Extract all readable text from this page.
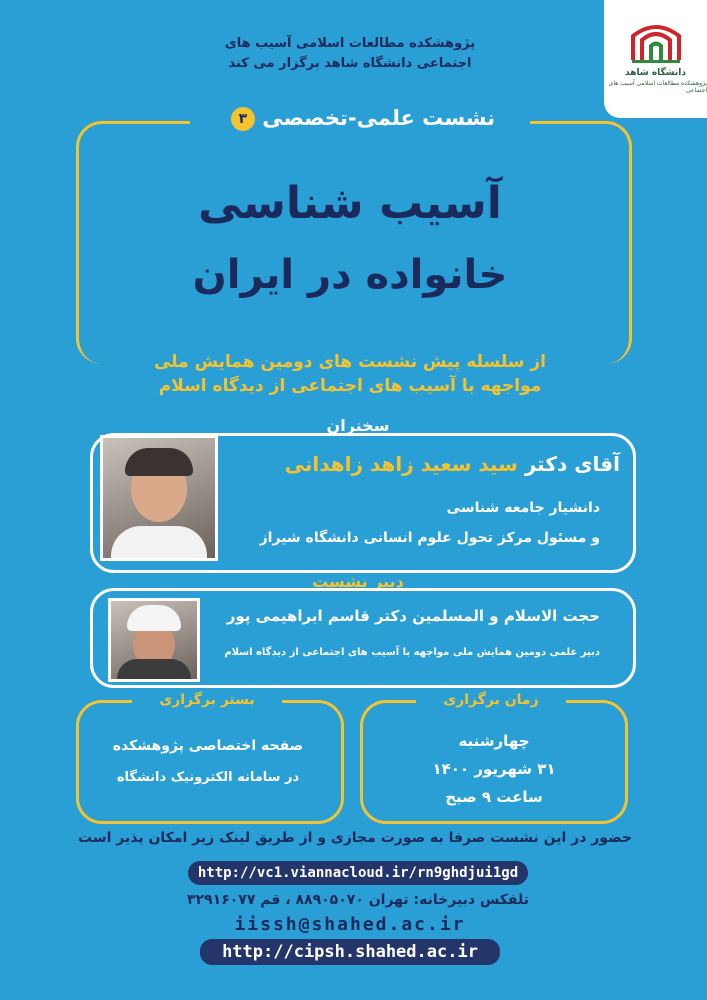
دانشگاه شاهد
پژوهشکده مطالعات اسلامی آسیب های اجتماعی
پژوهشکده مطالعات اسلامی آسیب های
اجتماعی دانشگاه شاهد برگزار می کند
نشست علمی-تخصصی ۳
آسیب شناسی
خانواده در ایران
از سلسله پیش نشست های دومین همایش ملی
مواجهه با آسیب های اجتماعی از دیدگاه اسلام
سخنران
آقای دکتر سید سعید زاهد زاهدانی
دانشیار جامعه شناسی
و مسئول مرکز تحول علوم انسانی دانشگاه شیراز
دبیر نشست
حجت الاسلام و المسلمین دکتر قاسم ابراهیمی پور
دبیر علمی دومین همایش ملی مواجهه با آسیب های اجتماعی از دیدگاه اسلام
بستر برگزاری
صفحه اختصاصی پژوهشکده
در سامانه الکترونیک دانشگاه
زمان برگزاری
چهارشنبه
۳۱ شهریور ۱۴۰۰
ساعت ۹ صبح
حضور در این نشست صرفا به صورت مجازی و از طریق لینک زیر امکان پذیر است
http://vc1.viannacloud.ir/rn9ghdjui1gd
تلفکس دبیرخانه: تهران ۸۸۹۰۵۰۷۰ ، قم ۳۲۹۱۶۰۷۷
iissh@shahed.ac.ir
http://cipsh.shahed.ac.ir
